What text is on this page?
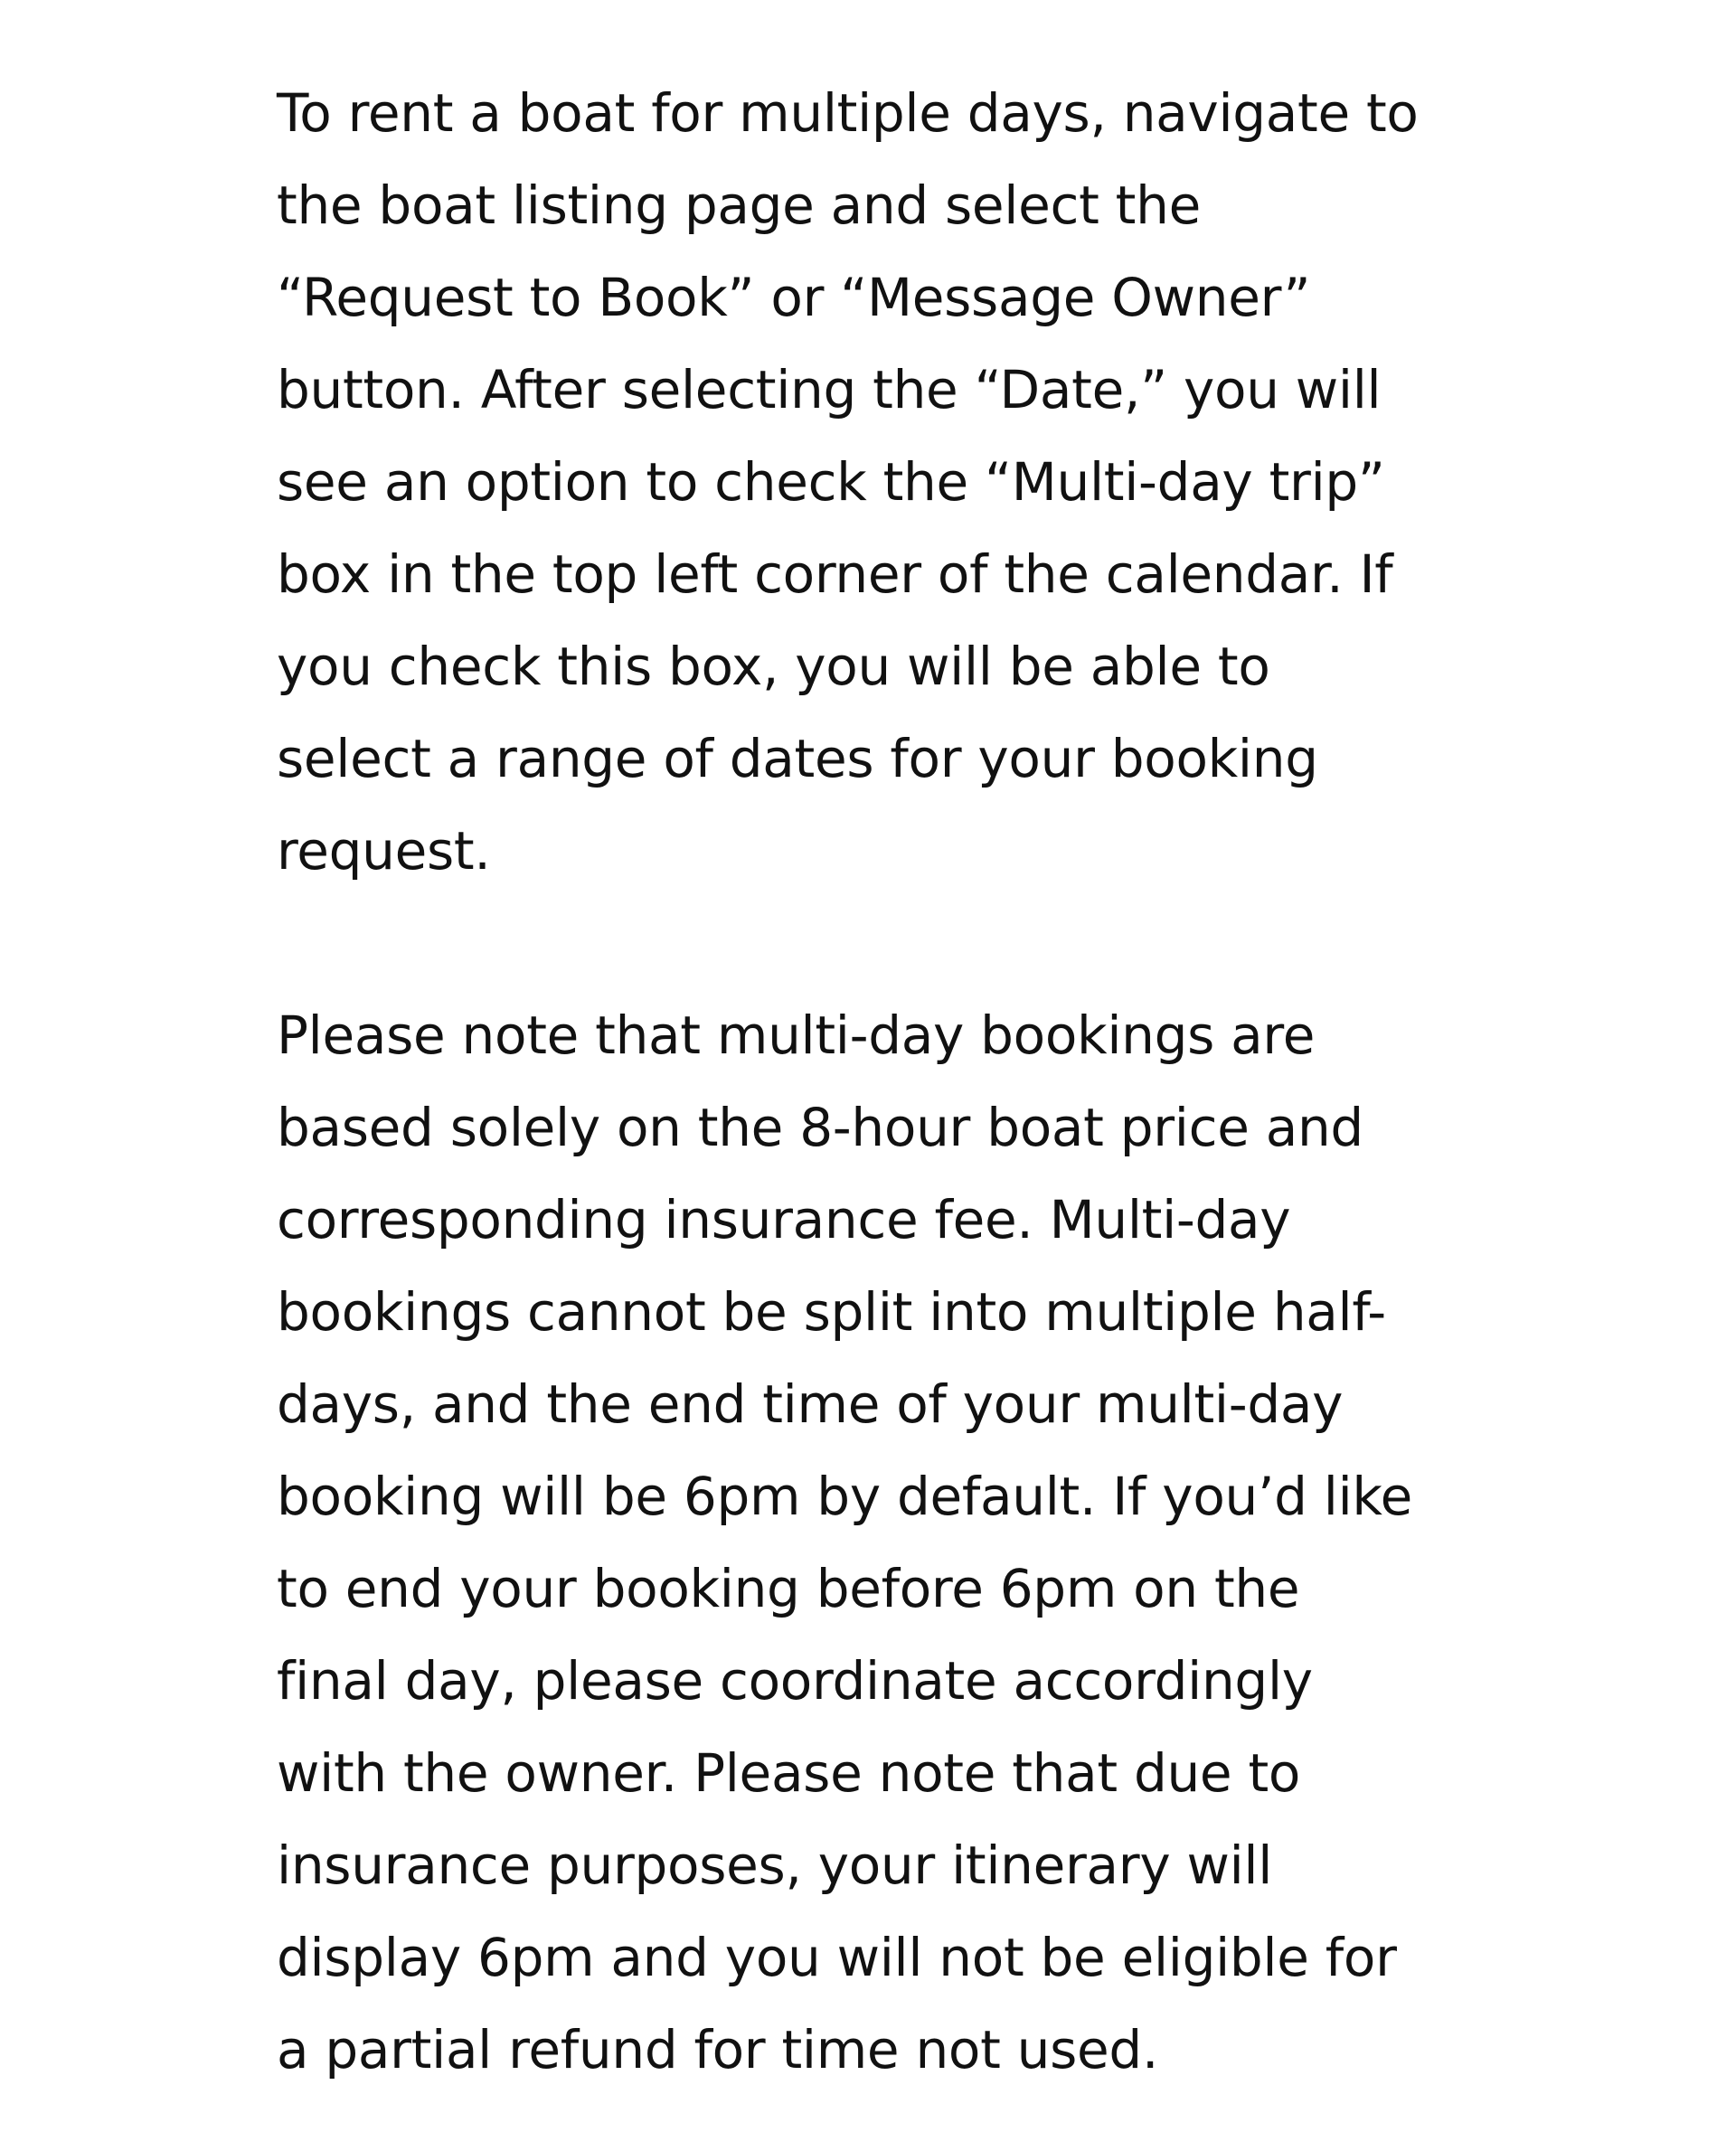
To rent a boat for multiple days, navigate to
the boat listing page and select the
“Request to Book” or “Message Owner”
button. After selecting the “Date,” you will
see an option to check the “Multi-day trip”
box in the top left corner of the calendar. If
you check this box, you will be able to
select a range of dates for your booking
request.
Please note that multi-day bookings are
based solely on the 8-hour boat price and
corresponding insurance fee. Multi-day
bookings cannot be split into multiple half-
days, and the end time of your multi-day
booking will be 6pm by default. If you’d like
to end your booking before 6pm on the
final day, please coordinate accordingly
with the owner. Please note that due to
insurance purposes, your itinerary will
display 6pm and you will not be eligible for
a partial refund for time not used.
